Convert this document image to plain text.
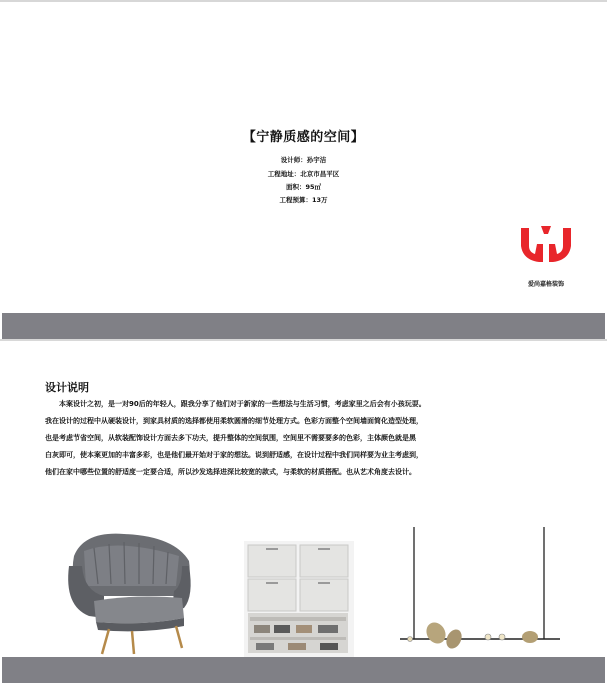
【宁静质感的空间】
设计师：孙宇洁
工程地址：北京市昌平区
面积：95㎡
工程预算：13万
爱尚嘉格装饰
设计说明

本案设计之初，是一对90后的年轻人，跟我分享了他们对于新家的一些想法与生活习惯，考虑家里之后会有小孩玩耍。

我在设计的过程中从硬装设计，到家具材质的选择都使用柔软圆滑的细节处理方式。色彩方面整个空间墙面简化造型处理，

也是考虑节省空间，从软装配饰设计方面去多下功夫，提升整体的空间氛围，空间里不需要要多的色彩，主体颜色就是黑

白灰即可，使本案更加的丰富多彩，也是他们最开始对于家的想法。说到舒适感，在设计过程中我们同样要为业主考虑到，

他们在家中哪些位置的舒适度一定要合适，所以沙发选择进深比较宽的款式，与柔软的材质搭配。也从艺术角度去设计。
